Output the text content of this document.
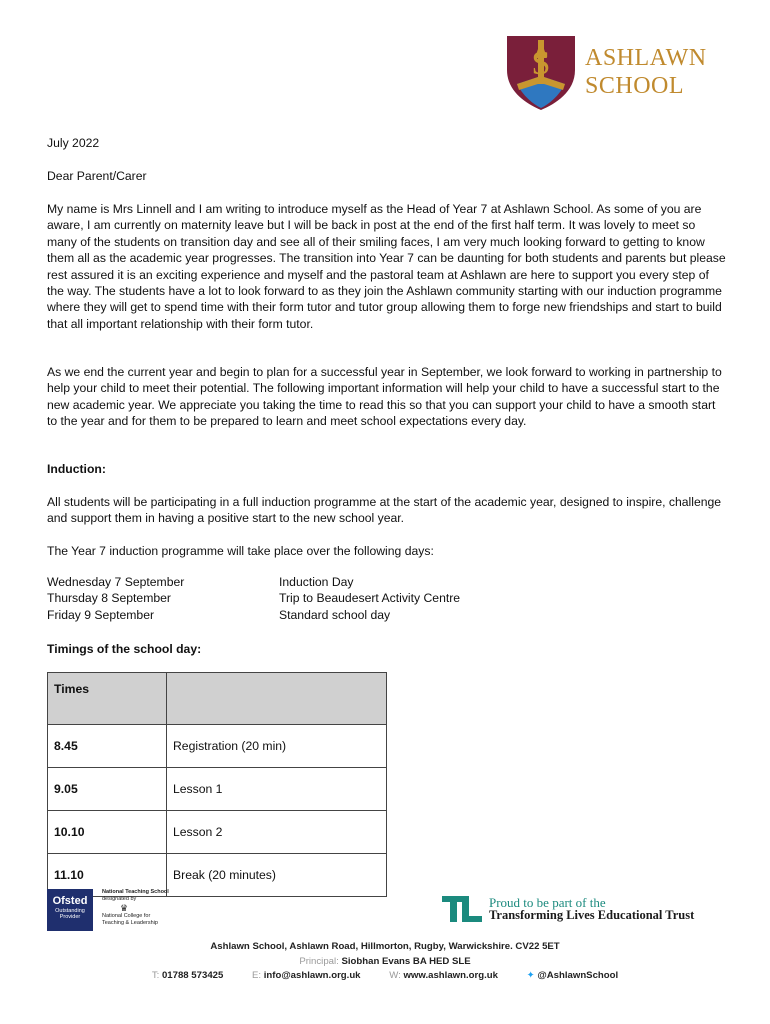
S ASHLAWN
SCHOOL

July 2022

Dear Parent/Carer

My name is Mrs Linnell and I am writing to introduce myself as the Head of Year 7 at Ashlawn School. As some of you are aware, I am currently on maternity leave but I will be back in post at the end of the first half term. It was lovely to meet so many of the students on transition day and see all of their smiling faces, I am very much looking forward to getting to know them all as the academic year progresses. The transition into Year 7 can be daunting for both students and parents but please rest assured it is an exciting experience and myself and the pastoral team at Ashlawn are here to support you every step of the way. The students have a lot to look forward to as they join the Ashlawn community starting with our induction programme where they will get to spend time with their form tutor and tutor group allowing them to forge new friendships and start to build that all important relationship with their form tutor.

As we end the current year and begin to plan for a successful year in September, we look forward to working in partnership to help your child to meet their potential. The following important information will help your child to have a successful start to the new academic year. We appreciate you taking the time to read this so that you can support your child to have a smooth start to the year and for them to be prepared to learn and meet school expectations every day.

Induction:

All students will be participating in a full induction programme at the start of the academic year, designed to inspire, challenge and support them in having a positive start to the new school year.

The Year 7 induction programme will take place over the following days:

Wednesday 7 September	Induction Day
Thursday 8 September	Trip to Beaudesert Activity Centre
Friday 9 September	Standard school day

Timings of the school day:

Times	
8.45	Registration (20 min)
9.05	Lesson 1
10.10	Lesson 2
11.10	Break (20 minutes)
Ofsted
Outstanding Provider
National Teaching School
designated by
♛
National College for
Teaching & Leadership
Proud to be part of the
Transforming Lives Educational Trust
Ashlawn School, Ashlawn Road, Hillmorton, Rugby, Warwickshire. CV22 5ET
Principal: Siobhan Evans BA HED SLE
T: 01788 573425	E: info@ashlawn.org.uk	W: www.ashlawn.org.uk	✦ @AshlawnSchool
